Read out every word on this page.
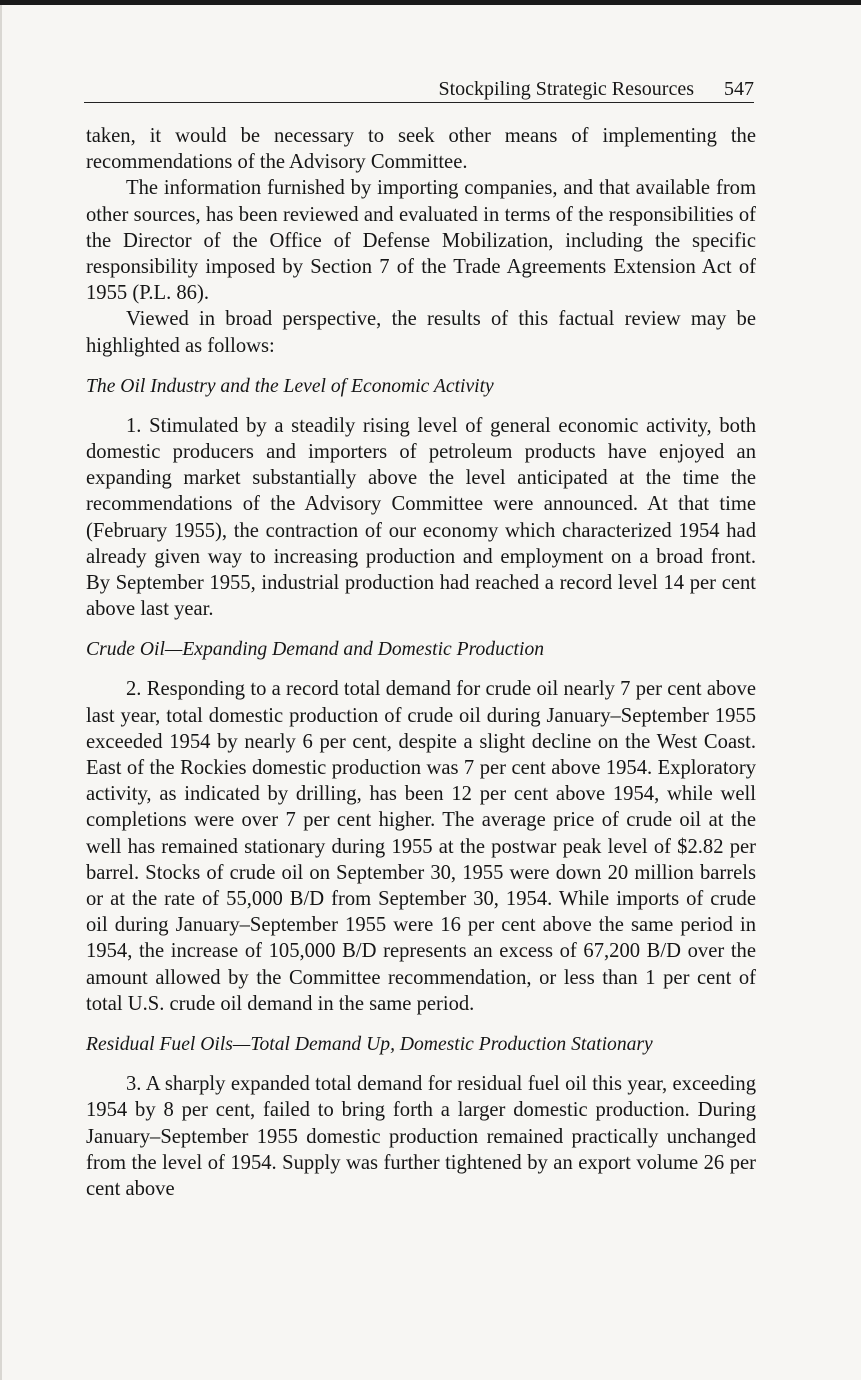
Stockpiling Strategic Resources 547

taken, it would be necessary to seek other means of implementing the recommendations of the Advisory Committee.

The information furnished by importing companies, and that available from other sources, has been reviewed and evaluated in terms of the responsibilities of the Director of the Office of Defense Mobilization, including the specific responsibility imposed by Section 7 of the Trade Agreements Extension Act of 1955 (P.L. 86).

Viewed in broad perspective, the results of this factual review may be highlighted as follows:

The Oil Industry and the Level of Economic Activity

1. Stimulated by a steadily rising level of general economic activity, both domestic producers and importers of petroleum products have enjoyed an expanding market substantially above the level anticipated at the time the recommendations of the Advisory Committee were announced. At that time (February 1955), the contraction of our economy which characterized 1954 had already given way to increasing production and employment on a broad front. By September 1955, industrial production had reached a record level 14 per cent above last year.

Crude Oil—Expanding Demand and Domestic Production

2. Responding to a record total demand for crude oil nearly 7 per cent above last year, total domestic production of crude oil during January–September 1955 exceeded 1954 by nearly 6 per cent, despite a slight decline on the West Coast. East of the Rockies domestic production was 7 per cent above 1954. Exploratory activity, as indicated by drilling, has been 12 per cent above 1954, while well completions were over 7 per cent higher. The average price of crude oil at the well has remained stationary during 1955 at the postwar peak level of $2.82 per barrel. Stocks of crude oil on September 30, 1955 were down 20 million barrels or at the rate of 55,000 B/D from September 30, 1954. While imports of crude oil during January–September 1955 were 16 per cent above the same period in 1954, the increase of 105,000 B/D represents an excess of 67,200 B/D over the amount allowed by the Committee recommendation, or less than 1 per cent of total U.S. crude oil demand in the same period.

Residual Fuel Oils—Total Demand Up, Domestic Production Stationary

3. A sharply expanded total demand for residual fuel oil this year, exceeding 1954 by 8 per cent, failed to bring forth a larger domestic production. During January–September 1955 domestic production remained practically unchanged from the level of 1954. Supply was further tightened by an export volume 26 per cent above
